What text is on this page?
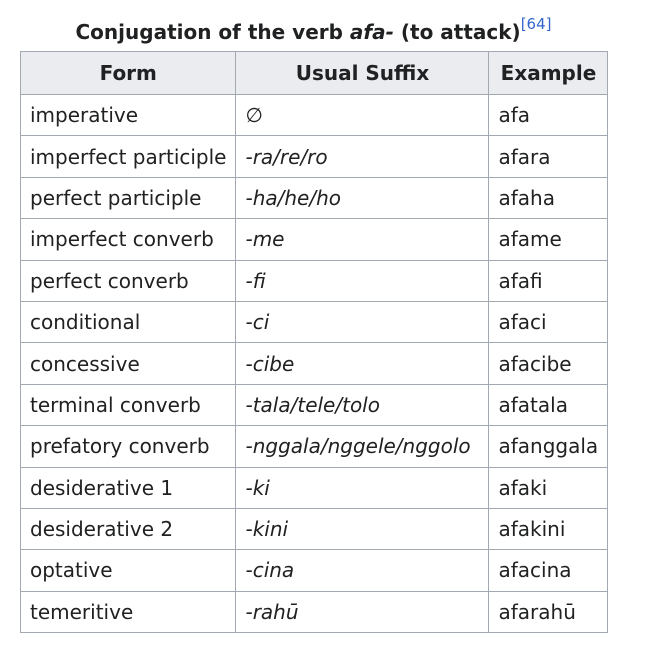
Conjugation of the verb afa- (to attack)[64]
Form	Usual Suffix	Example
imperative	∅	afa
imperfect participle	-ra/re/ro	afara
perfect participle	-ha/he/ho	afaha
imperfect converb	-me	afame
perfect converb	-fi	afafi
conditional	-ci	afaci
concessive	-cibe	afacibe
terminal converb	-tala/tele/tolo	afatala
prefatory converb	-nggala/nggele/nggolo	afanggala
desiderative 1	-ki	afaki
desiderative 2	-kini	afakini
optative	-cina	afacina
temeritive	-rahū	afarahū
